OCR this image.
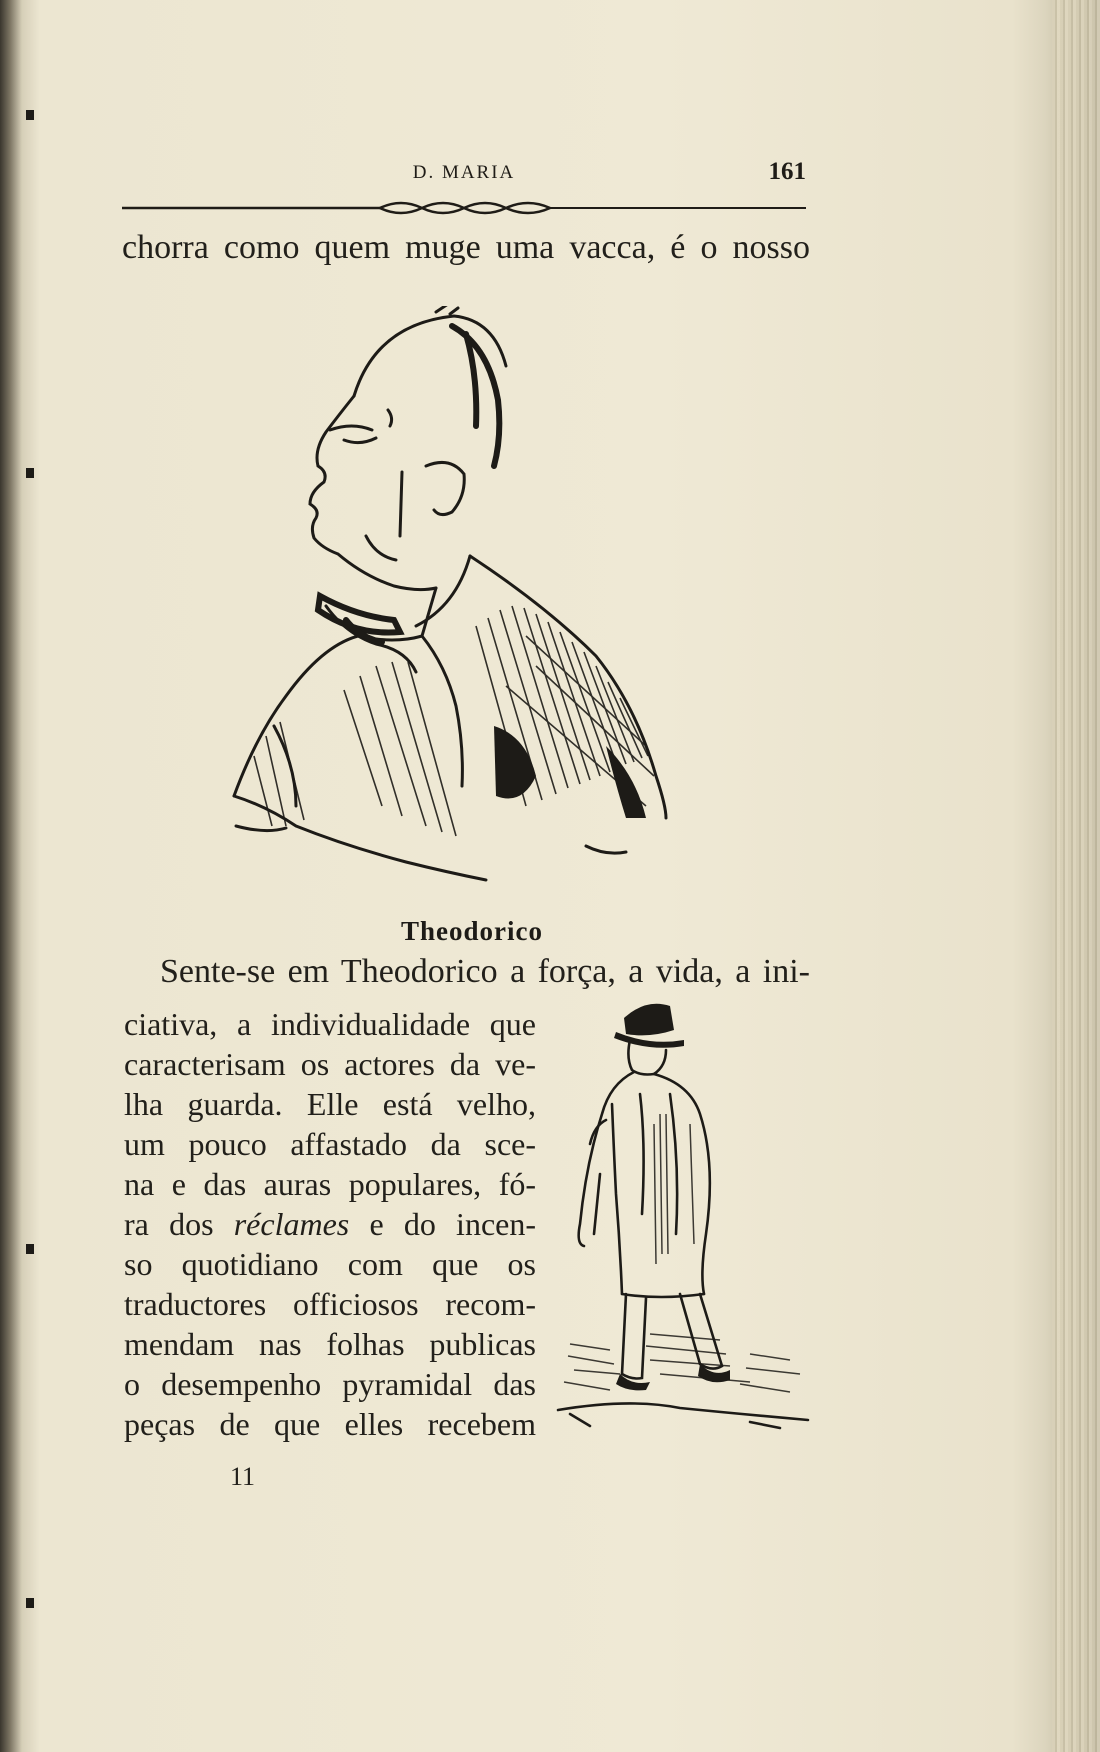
D. MARIA	161
chorra como quem muge uma vacca, é o nosso
Theodorico
Sente-se em Theodorico a força, a vida, a ini-
ciativa, a individualidade que
caracterisam os actores da ve-
lha guarda. Elle está velho,
um pouco affastado da sce-
na e das auras populares, fó-
ra dos réclames e do incen-
so quotidiano com que os
traductores officiosos recom-
mendam nas folhas publicas
o desempenho pyramidal das
peças de que elles recebem
11
